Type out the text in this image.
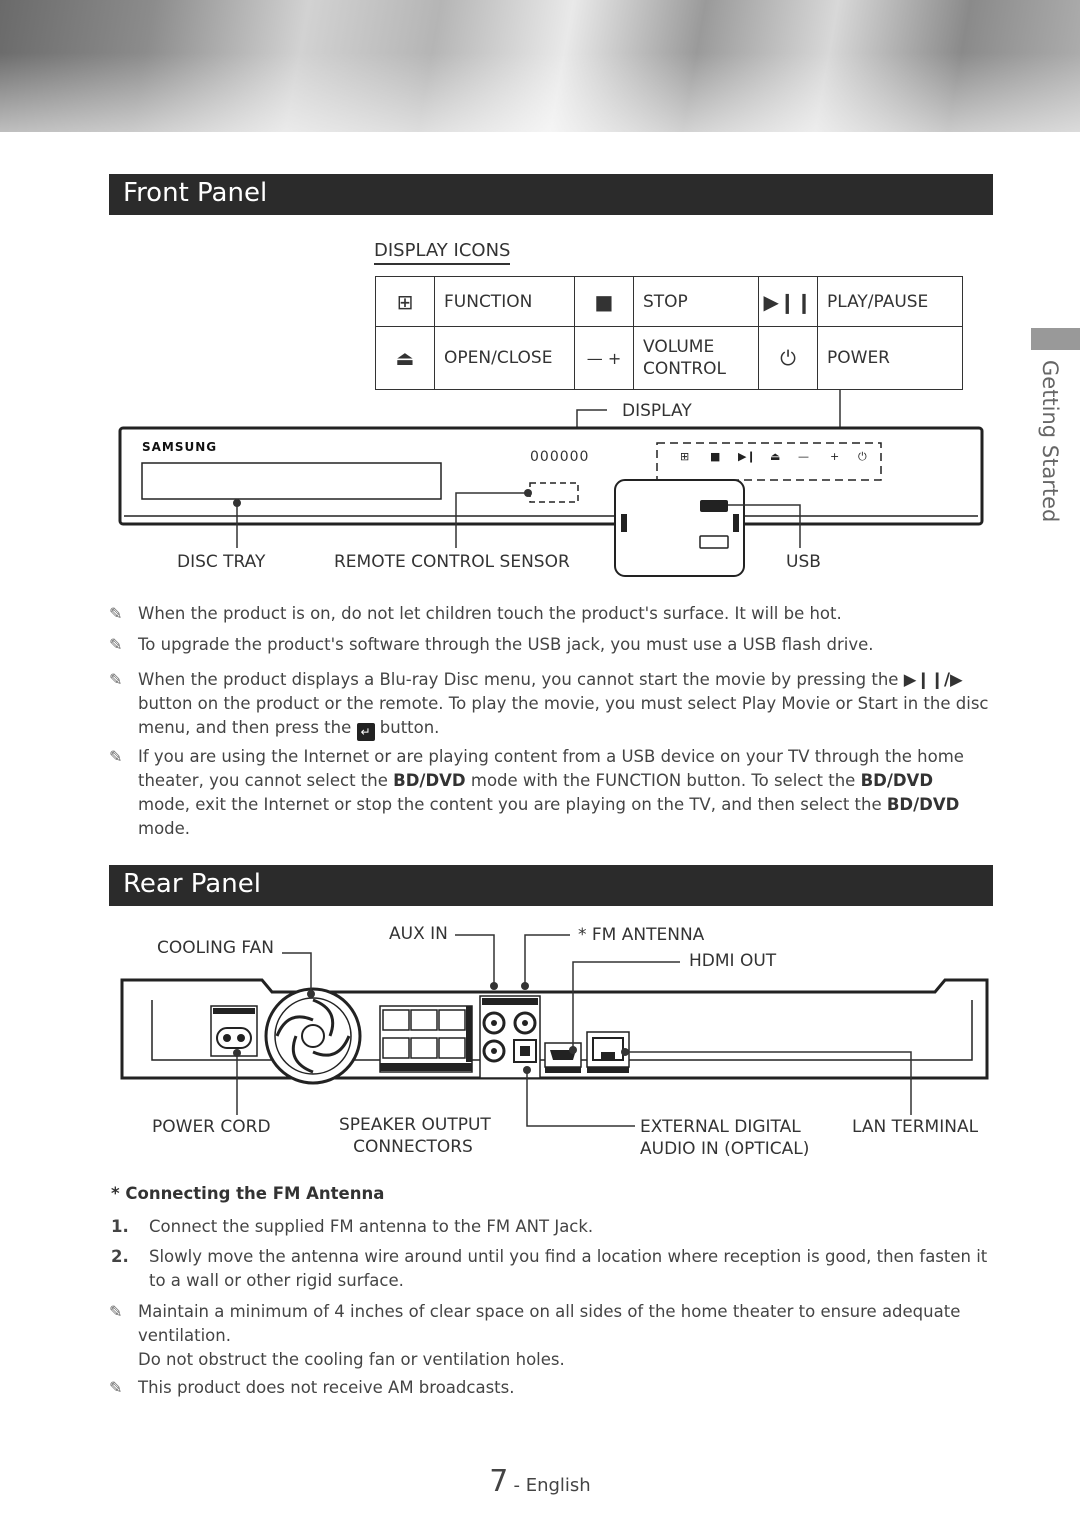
Getting Started
Front Panel
DISPLAY ICONS
⊞	FUNCTION	■	STOP	▶❙❙	PLAY/PAUSE
⏏	OPEN/CLOSE	— +	VOLUME
CONTROL	⏻	POWER
SAMSUNG
000000	⊞ ■ ▶❙ ⏏ — + ⏻
DISPLAY
DISC TRAY	REMOTE CONTROL SENSOR	USB
✎ When the product is on, do not let children touch the product's surface. It will be hot.
✎ To upgrade the product's software through the USB jack, you must use a USB flash drive.
✎ When the product displays a Blu-ray Disc menu, you cannot start the movie by pressing the ▶❙❙/▶ button on the product or the remote. To play the movie, you must select Play Movie or Start in the disc menu, and then press the ↵ button.
✎ If you are using the Internet or are playing content from a USB device on your TV through the home theater, you cannot select the BD/DVD mode with the FUNCTION button. To select the BD/DVD mode, exit the Internet or stop the content you are playing on the TV, and then select the BD/DVD mode.
Rear Panel
COOLING FAN
AUX IN	* FM ANTENNA
HDMI OUT
POWER CORD	SPEAKER OUTPUT
CONNECTORS
EXTERNAL DIGITAL
AUDIO IN (OPTICAL)
LAN TERMINAL
* Connecting the FM Antenna
1. Connect the supplied FM antenna to the FM ANT Jack.
2. Slowly move the antenna wire around until you find a location where reception is good, then fasten it to a wall or other rigid surface.
✎ Maintain a minimum of 4 inches of clear space on all sides of the home theater to ensure adequate ventilation.
Do not obstruct the cooling fan or ventilation holes.
✎ This product does not receive AM broadcasts.
7 - English
